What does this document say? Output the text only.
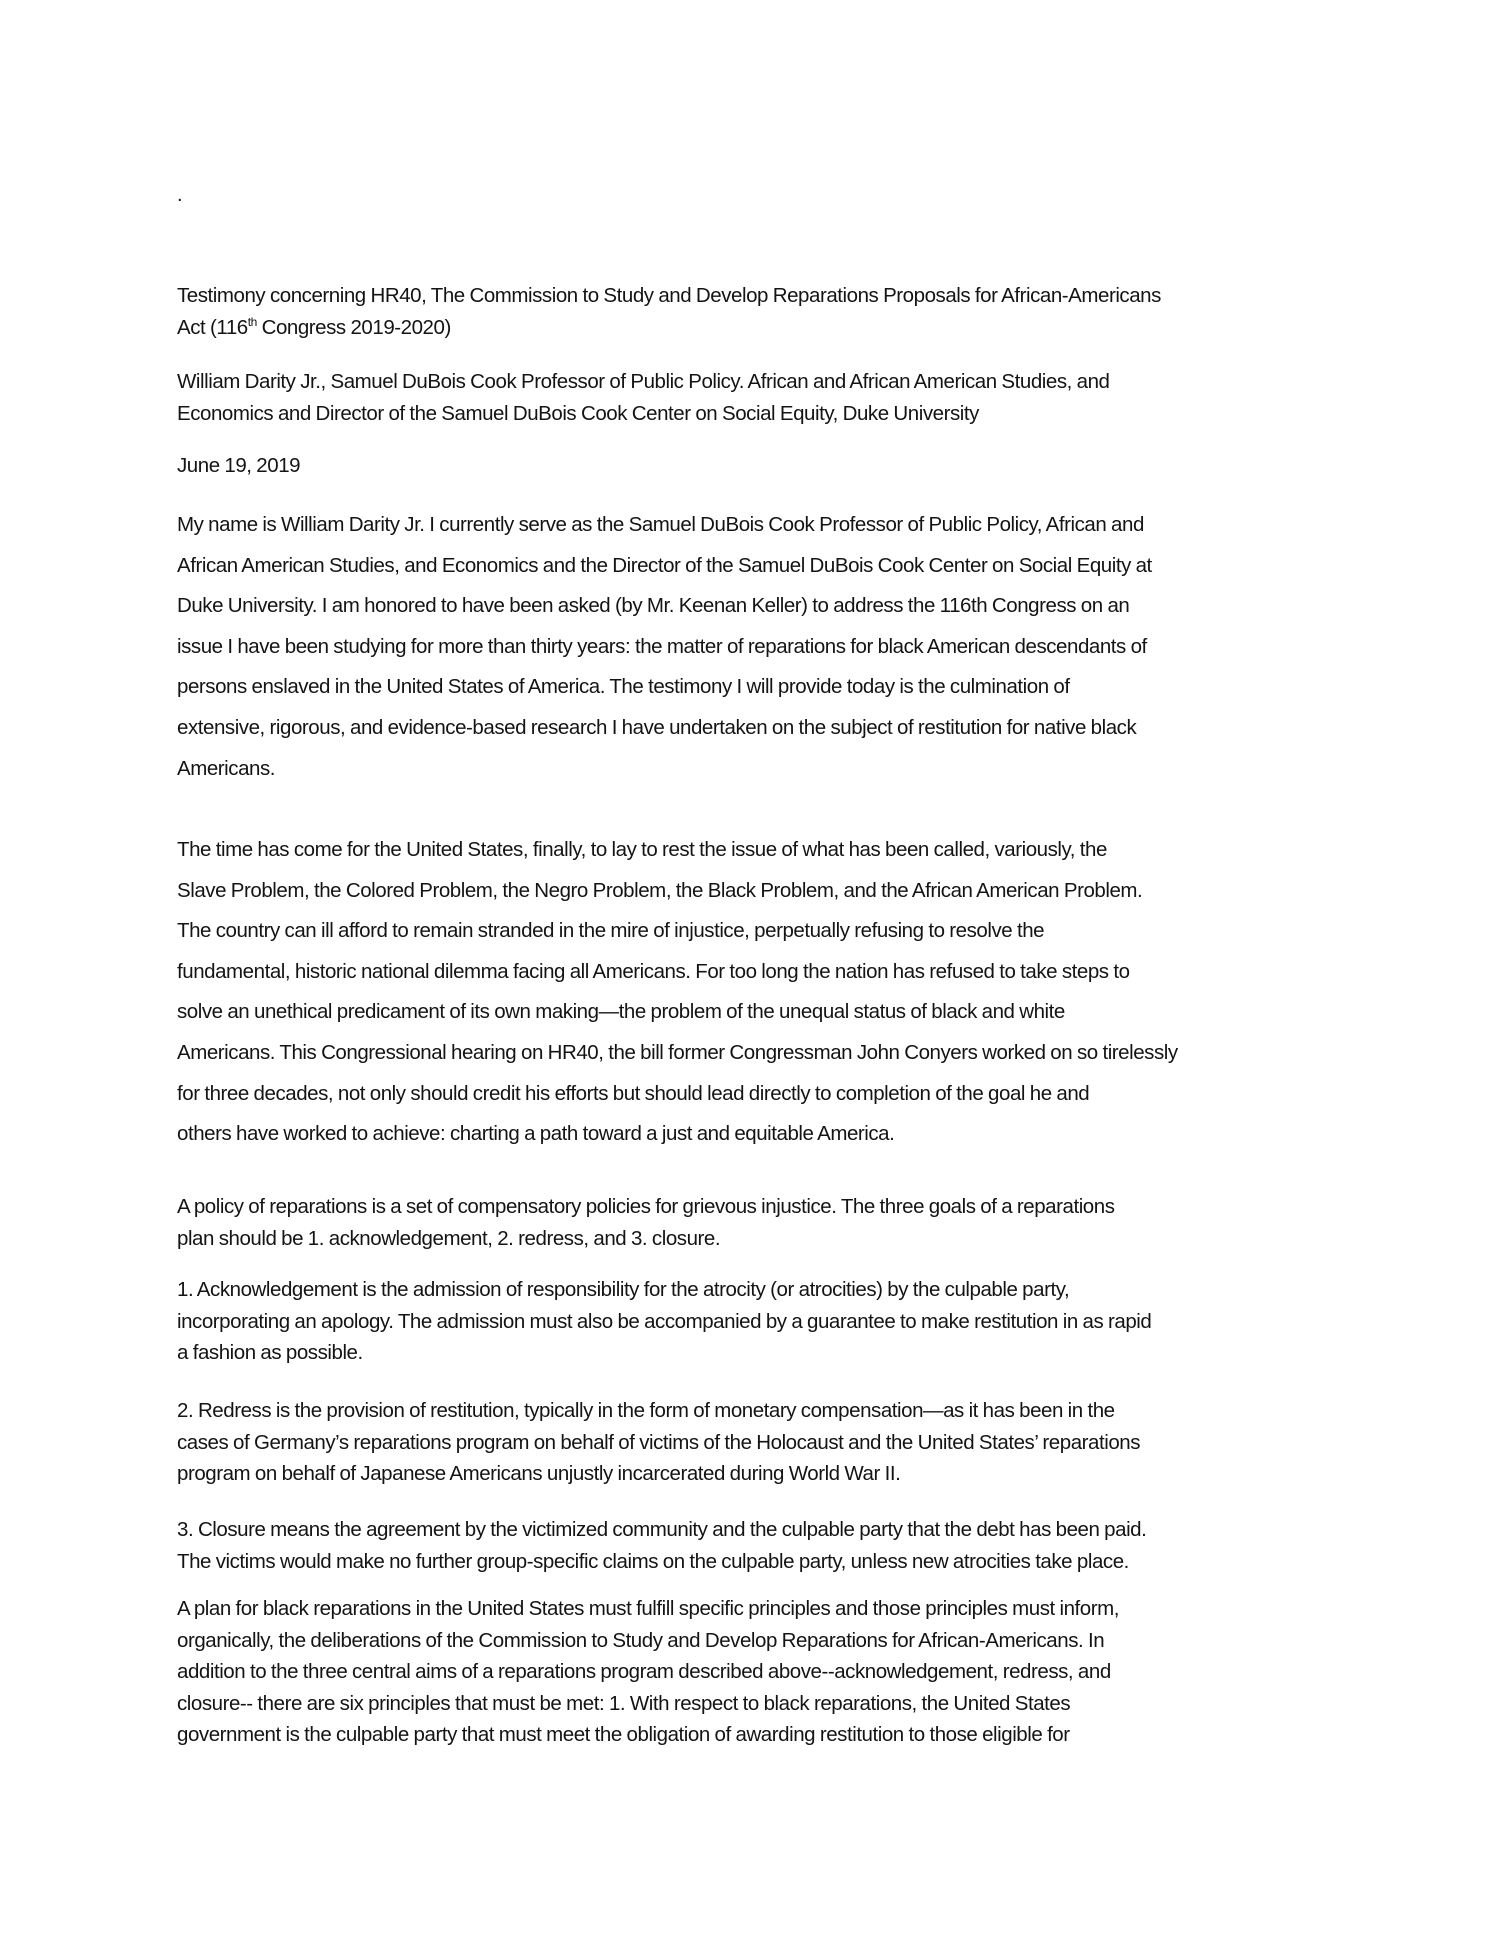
.
Testimony concerning HR40, The Commission to Study and Develop Reparations Proposals for African-Americans
Act (116th Congress 2019-2020)
William Darity Jr., Samuel DuBois Cook Professor of Public Policy. African and African American Studies, and
Economics and Director of the Samuel DuBois Cook Center on Social Equity, Duke University
June 19, 2019
My name is William Darity Jr. I currently serve as the Samuel DuBois Cook Professor of Public Policy, African and
African American Studies, and Economics and the Director of the Samuel DuBois Cook Center on Social Equity at
Duke University. I am honored to have been asked (by Mr. Keenan Keller) to address the 116th Congress on an
issue I have been studying for more than thirty years: the matter of reparations for black American descendants of
persons enslaved in the United States of America. The testimony I will provide today is the culmination of
extensive, rigorous, and evidence-based research I have undertaken on the subject of restitution for native black
Americans.
The time has come for the United States, finally, to lay to rest the issue of what has been called, variously, the
Slave Problem, the Colored Problem, the Negro Problem, the Black Problem, and the African American Problem.
The country can ill afford to remain stranded in the mire of injustice, perpetually refusing to resolve the
fundamental, historic national dilemma facing all Americans. For too long the nation has refused to take steps to
solve an unethical predicament of its own making—the problem of the unequal status of black and white
Americans. This Congressional hearing on HR40, the bill former Congressman John Conyers worked on so tirelessly
for three decades, not only should credit his efforts but should lead directly to completion of the goal he and
others have worked to achieve: charting a path toward a just and equitable America.
A policy of reparations is a set of compensatory policies for grievous injustice. The three goals of a reparations
plan should be 1. acknowledgement, 2. redress, and 3. closure.
1. Acknowledgement is the admission of responsibility for the atrocity (or atrocities) by the culpable party,
incorporating an apology. The admission must also be accompanied by a guarantee to make restitution in as rapid
a fashion as possible.
2. Redress is the provision of restitution, typically in the form of monetary compensation—as it has been in the
cases of Germany’s reparations program on behalf of victims of the Holocaust and the United States’ reparations
program on behalf of Japanese Americans unjustly incarcerated during World War II.
3. Closure means the agreement by the victimized community and the culpable party that the debt has been paid.
The victims would make no further group-specific claims on the culpable party, unless new atrocities take place.
A plan for black reparations in the United States must fulfill specific principles and those principles must inform,
organically, the deliberations of the Commission to Study and Develop Reparations for African-Americans. In
addition to the three central aims of a reparations program described above--acknowledgement, redress, and
closure-- there are six principles that must be met: 1. With respect to black reparations, the United States
government is the culpable party that must meet the obligation of awarding restitution to those eligible for
